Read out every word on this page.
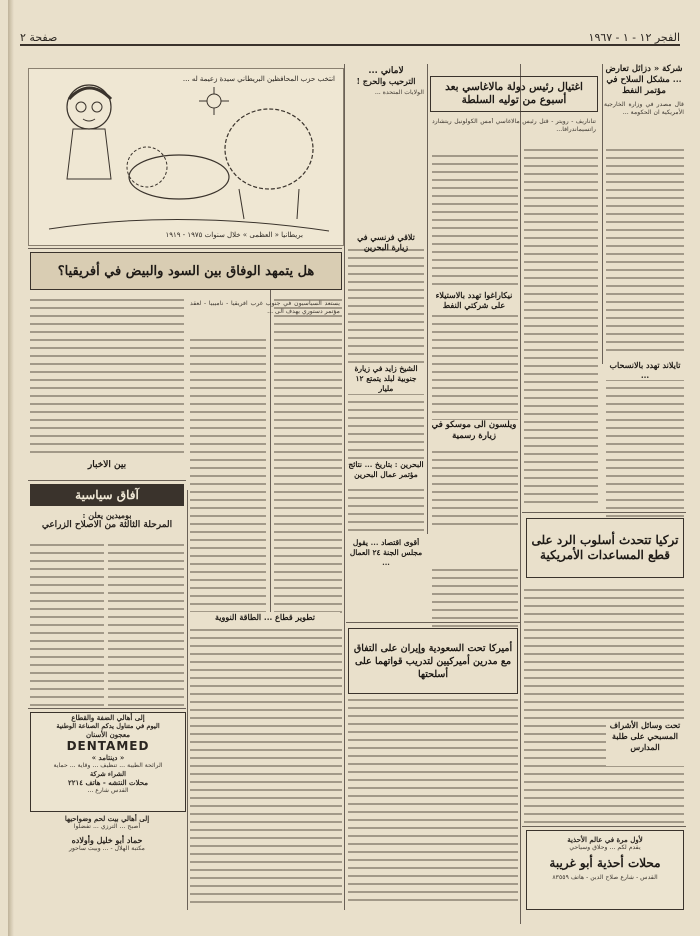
صفحة ٢	الفجر ١٢ - ١ - ١٩٦٧
انتخب حزب المحافظين البريطاني سيدة زعيمة له ...
بريطانيا « العظمى » خلال سنوات ١٩٧٥ - ١٩١٩
شركة « دزائل تعارض ... مشكل السلاح في مؤتمر النفط
قال مصدر في وزارة الخارجية الأمريكية ان الحكومة ...
اغتيال رئيس دولة مالاغاسي بعد أسبوع من توليه السلطة
تناناريف - رويتر - قتل رئيس مالاغاسي أمس الكولونيل ريتشارد راتسيماندرافا...
لاماني ...
الترحيب والحرج !
الولايات المتحدة ...
هل يتمهد الوفاق بين السود والبيض في أفريقيا؟
تلاقي فرنسي في زيارة البحرين
نيكاراغوا تهدد بالاستيلاء على شركتي النفط
الشيخ زايد في زيارة جنوبية لبلد يتمتع ١٢ مليار
ويلسون الى موسكو في زيارة رسمية
البحرين : بتاريخ ... نتائج مؤتمر عمال البحرين
أقوى اقتصاد ... يقول مجلس الجنة ٢٤ العمال ...
تايلاند تهدد بالانسحاب ...
تركيا تتحدث أسلوب الرد على قطع المساعدات الأمريكية
تحت وسائل الأشراف المسبحي على طلبة المدارس
أميركا تحت السعودية وإيران على التفاق مع مدرين أميركيين لتدريب قواتهما على أسلحتها
تطوير قطاع ... الطاقة النووية
آفاق سياسية
بوميدين يعلن :
المرحلة الثالثة من الاصلاح الزراعي
يستعد السياسيون في جنوب غرب افريقيا - ناميبيا - لعقد مؤتمر دستوري يهدف الى ...
بين الأخبار
إلى أهالي الضفة والقطاع
اليوم في متناول يدكم الصناعة الوطنية
معجون الأسنان
DENTAMED
« دينتامد »
الرائحة الطيبة ... تنظيف ... وقاية ... حماية
الشراء شركة
محلات النتشه - هاتف ٢٢١٤
القدس شارع ...
إلى أهالي بيت لحم وضواحيها
أصبح ... الترزي ... تفضلوا
حماد أبو خليل وأولاده
مكتبة الهلال - ... وبيت ساحور
لأول مرة في عالم الأحذية
يقدم لكم ... وحلاق وسياحي
محلات أحذية أبو غريبة
القدس - شارع صلاح الدين - هاتف ٨٣٥٥٩
